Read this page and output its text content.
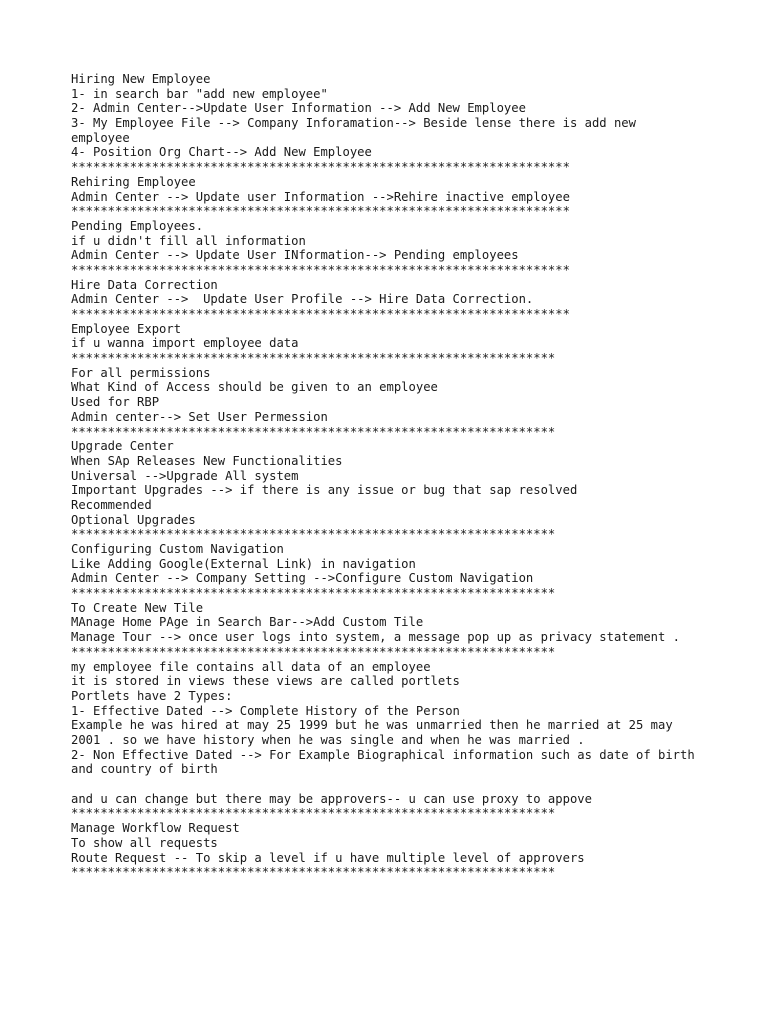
Hiring New Employee
1- in search bar "add new employee"
2- Admin Center-->Update User Information --> Add New Employee
3- My Employee File --> Company Inforamation--> Beside lense there is add new employee
4- Position Org Chart--> Add New Employee
********************************************************************
Rehiring Employee
Admin Center --> Update user Information -->Rehire inactive employee
********************************************************************
Pending Employees.
if u didn't fill all information
Admin Center --> Update User INformation--> Pending employees
********************************************************************
Hire Data Correction
Admin Center -->  Update User Profile --> Hire Data Correction.
********************************************************************
Employee Export
if u wanna import employee data
******************************************************************
For all permissions
What Kind of Access should be given to an employee
Used for RBP
Admin center--> Set User Permession
******************************************************************
Upgrade Center
When SAp Releases New Functionalities
Universal -->Upgrade All system
Important Upgrades --> if there is any issue or bug that sap resolved
Recommended
Optional Upgrades
******************************************************************
Configuring Custom Navigation
Like Adding Google(External Link) in navigation
Admin Center --> Company Setting -->Configure Custom Navigation
******************************************************************
To Create New Tile
MAnage Home PAge in Search Bar-->Add Custom Tile
Manage Tour --> once user logs into system, a message pop up as privacy statement .
******************************************************************
my employee file contains all data of an employee
it is stored in views these views are called portlets
Portlets have 2 Types:
1- Effective Dated --> Complete History of the Person
Example he was hired at may 25 1999 but he was unmarried then he married at 25 may 2001 . so we have history when he was single and when he was married .
2- Non Effective Dated --> For Example Biographical information such as date of birth and country of birth
and u can change but there may be approvers-- u can use proxy to appove
******************************************************************
Manage Workflow Request
To show all requests
Route Request -- To skip a level if u have multiple level of approvers
******************************************************************
